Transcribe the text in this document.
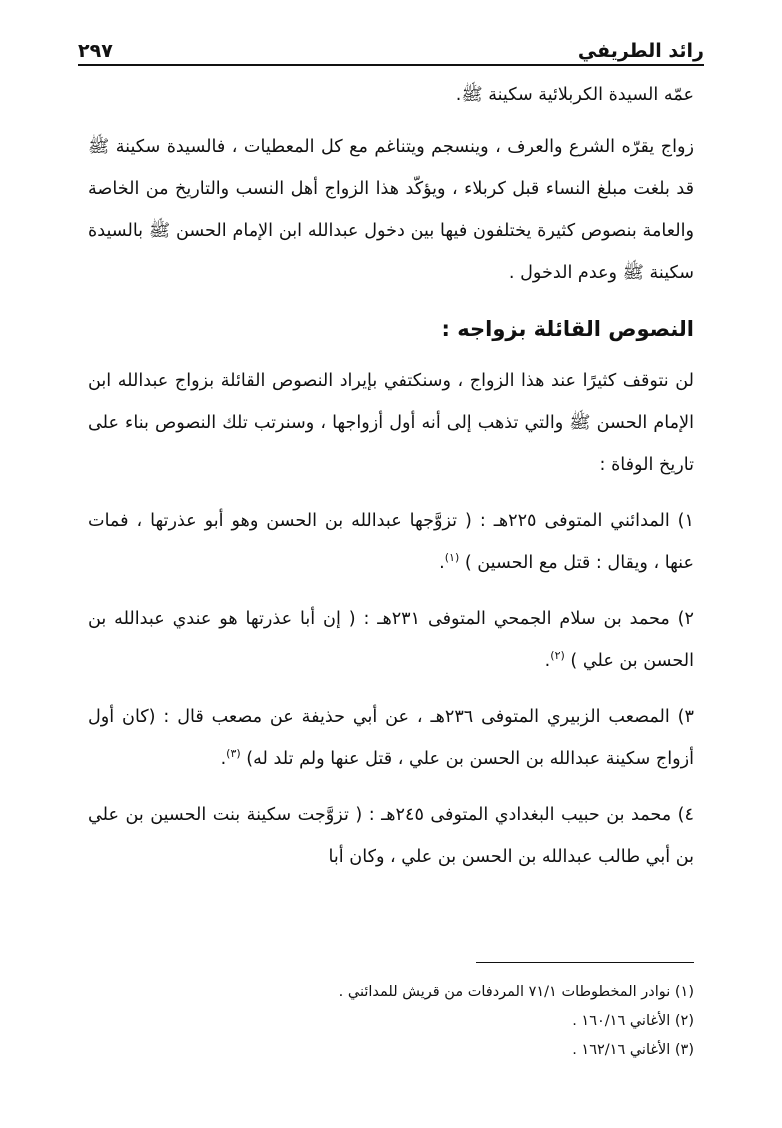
رائد الطريفي
٢٩٧

عمّه السيدة الكربلائية سكينة ﷺ.

زواج يقرّه الشرع والعرف ، وينسجم ويتناغم مع كل المعطيات ، فالسيدة سكينة ﷺ قد بلغت مبلغ النساء قبل كربلاء ، ويؤكّد هذا الزواج أهل النسب والتاريخ من الخاصة والعامة بنصوص كثيرة يختلفون فيها بين دخول عبدالله ابن الإمام الحسن ﷺ بالسيدة سكينة ﷺ وعدم الدخول .

النصوص القائلة بزواجه :

لن نتوقف كثيرًا عند هذا الزواج ، وسنكتفي بإيراد النصوص القائلة بزواج عبدالله ابن الإمام الحسن ﷺ والتي تذهب إلى أنه أول أزواجها ، وسنرتب تلك النصوص بناء على تاريخ الوفاة :

١) المدائني المتوفى ٢٢٥هـ : ( تزوَّجها عبدالله بن الحسن وهو أبو عذرتها ، فمات عنها ، ويقال : قتل مع الحسين ) $^{(١)}$.

٢) محمد بن سلام الجمحي المتوفى ٢٣١هـ : ( إن أبا عذرتها هو عندي عبدالله بن الحسن بن علي ) $^{(٢)}$.

٣) المصعب الزبيري المتوفى ٢٣٦هـ ، عن أبي حذيفة عن مصعب قال : (كان أول أزواج سكينة عبدالله بن الحسن بن علي ، قتل عنها ولم تلد له) $^{(٣)}$.

٤) محمد بن حبيب البغدادي المتوفى ٢٤٥هـ : ( تزوَّجت سكينة بنت الحسين بن علي بن أبي طالب عبدالله بن الحسن بن علي ، وكان أبا

(١) نوادر المخطوطات ٧١/١ المردفات من قريش للمدائني .
(٢) الأغاني ١٦٠/١٦ .
(٣) الأغاني ١٦٢/١٦ .
